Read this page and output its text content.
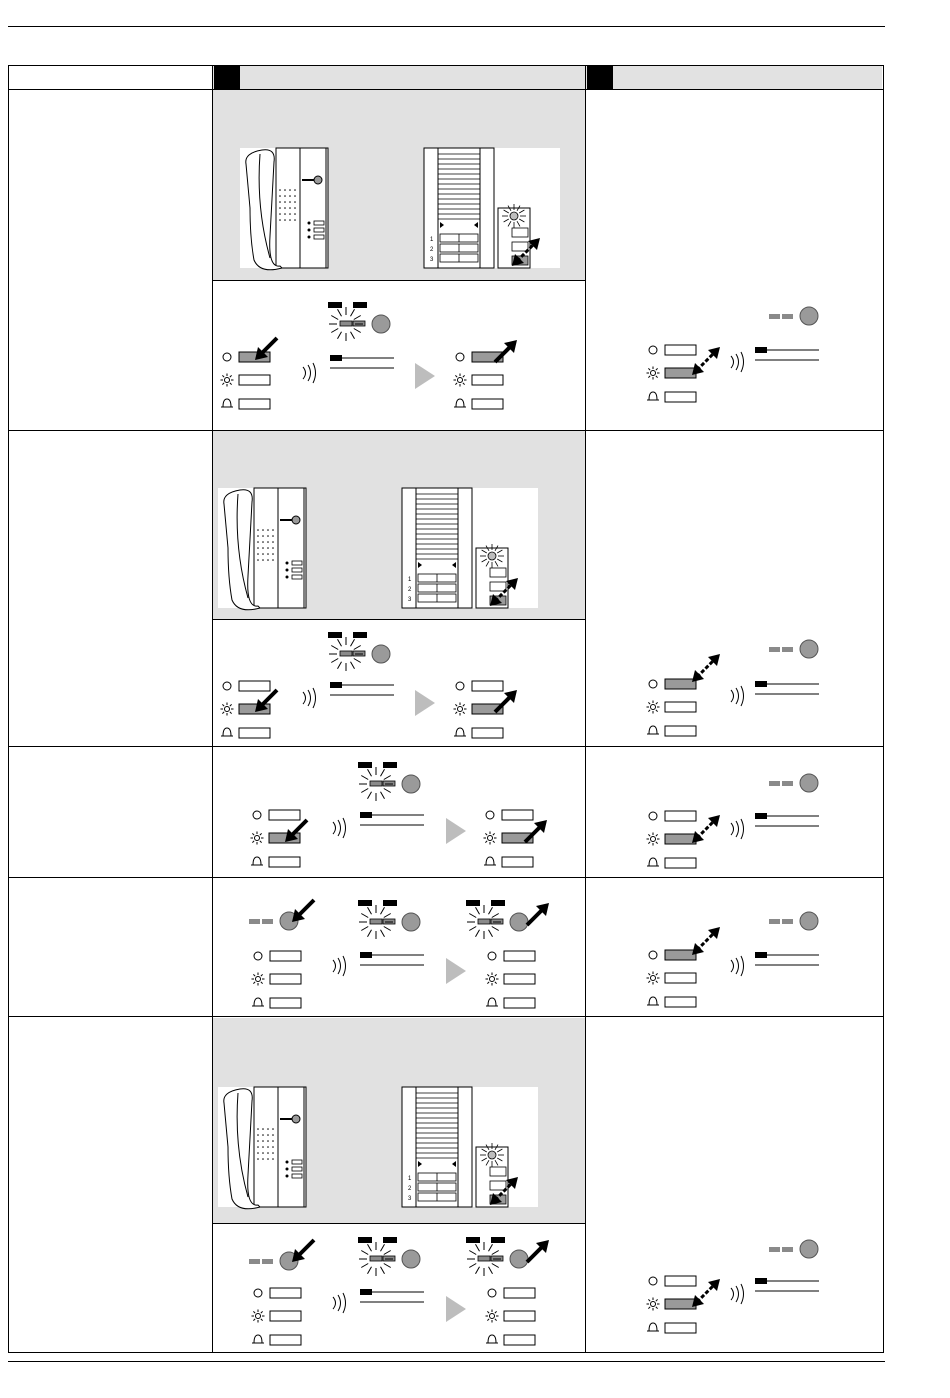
1
2
3
1
2
3
1
2
3
